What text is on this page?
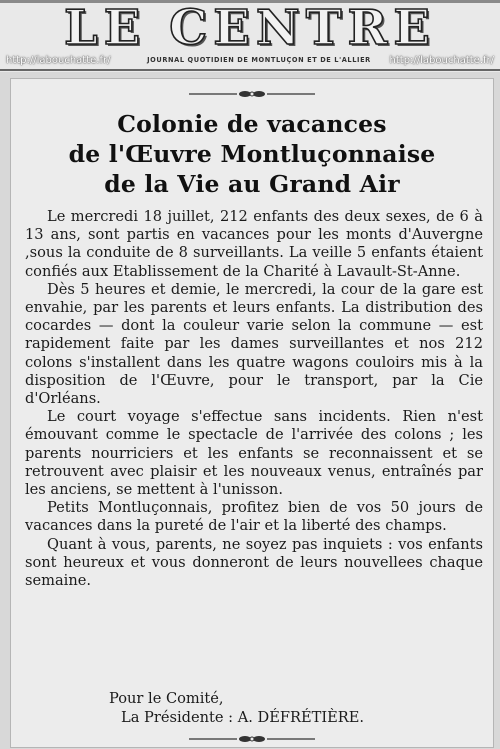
LE CENTRE
http://labouchatte.fr/	JOURNAL QUOTIDIEN DE MONTLUÇON ET DE L'ALLIER	http://labouchatte.fr/
Colonie de vacances
de l'Œuvre Montluçonnaise
de la Vie au Grand Air

Le mercredi 18 juillet, 212 enfants des deux sexes, de 6 à 13 ans, sont partis en vacances pour les monts d'Auvergne ,sous la conduite de 8 surveillants. La veille 5 enfants étaient confiés aux Etablissement de la Charité à Lavault-St-Anne.

Dès 5 heures et demie, le mercredi, la cour de la gare est envahie, par les parents et leurs enfants. La distribution des cocardes — dont la couleur varie selon la commune — est rapidement faite par les dames surveillantes et nos 212 colons s'installent dans les quatre wagons couloirs mis à la disposition de l'Œuvre, pour le transport, par la Cie d'Orléans.

Le court voyage s'effectue sans incidents. Rien n'est émouvant comme le spectacle de l'arrivée des colons ; les parents nourriciers et les enfants se reconnaissent et se retrouvent avec plaisir et les nouveaux venus, entraînés par les anciens, se mettent à l'unisson.

Petits Montluçonnais, profitez bien de vos 50 jours de vacances dans la pureté de l'air et la liberté des champs.

Quant à vous, parents, ne soyez pas inquiets : vos enfants sont heureux et vous donneront de leurs nouvellees chaque semaine.

Pour le Comité,
La Présidente : A. DÉFRÉTIÈRE.
